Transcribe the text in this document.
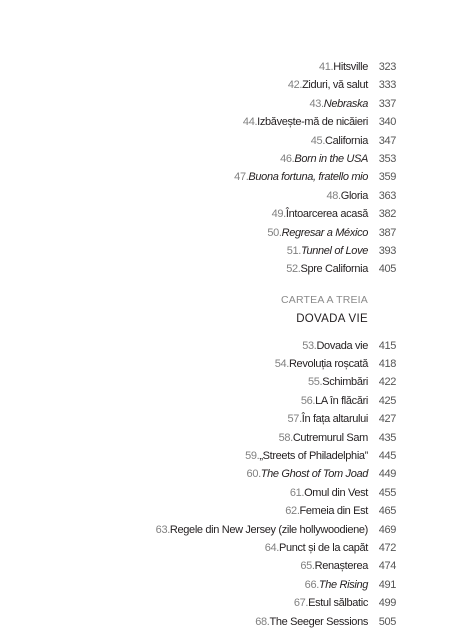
41. Hitsville 323
42. Ziduri, vă salut 333
43. Nebraska 337
44. Izbăvește-mă de nicăieri 340
45. California 347
46. Born in the USA 353
47. Buona fortuna, fratello mio 359
48. Gloria 363
49. Întoarcerea acasă 382
50. Regresar a México 387
51. Tunnel of Love 393
52. Spre California 405
CARTEA A TREIA
DOVADA VIE
53. Dovada vie 415
54. Revoluția roșcată 418
55. Schimbări 422
56. LA în flăcări 425
57. În fața altarului 427
58. Cutremurul Sam 435
59. „Streets of Philadelphia” 445
60. The Ghost of Tom Joad 449
61. Omul din Vest 455
62. Femeia din Est 465
63. Regele din New Jersey (zile hollywoodiene) 469
64. Punct și de la capăt 472
65. Renașterea 474
66. The Rising 491
67. Estul sălbatic 499
68. The Seeger Sessions 505
